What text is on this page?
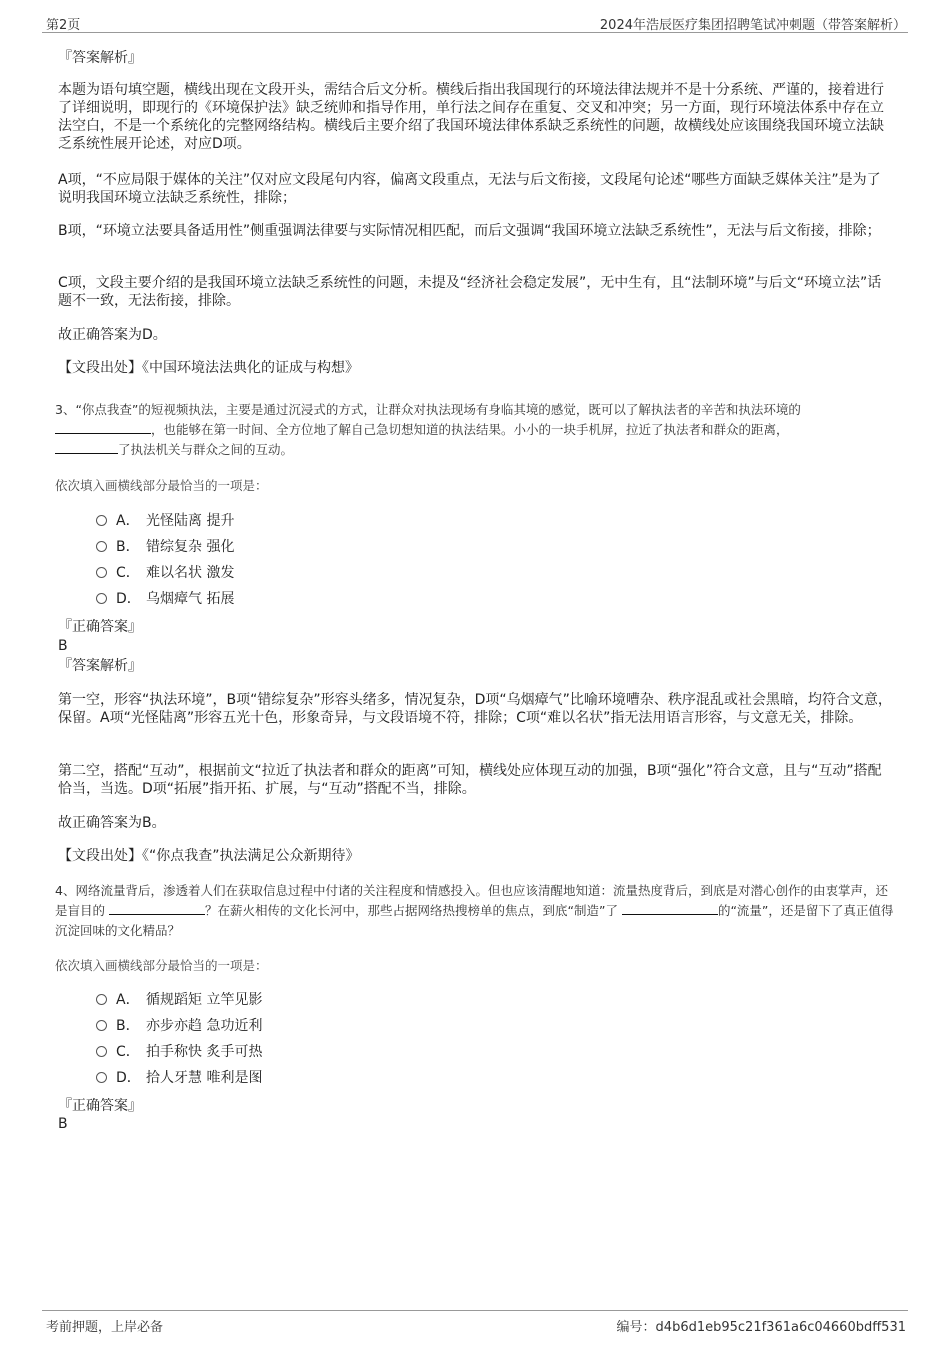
第2页	2024年浩辰医疗集团招聘笔试冲刺题（带答案解析）

『答案解析』

本题为语句填空题，横线出现在文段开头，需结合后文分析。横线后指出我国现行的环境法律法规并不是十分系统、严谨的，接着进行了详细说明，即现行的《环境保护法》缺乏统帅和指导作用，单行法之间存在重复、交叉和冲突；另一方面，现行环境法体系中存在立法空白，不是一个系统化的完整网络结构。横线后主要介绍了我国环境法律体系缺乏系统性的问题，故横线处应该围绕我国环境立法缺乏系统性展开论述，对应D项。

A项，“不应局限于媒体的关注”仅对应文段尾句内容，偏离文段重点，无法与后文衔接，文段尾句论述“哪些方面缺乏媒体关注”是为了说明我国环境立法缺乏系统性，排除；

B项，“环境立法要具备适用性”侧重强调法律要与实际情况相匹配，而后文强调“我国环境立法缺乏系统性”，无法与后文衔接，排除；

C项，文段主要介绍的是我国环境立法缺乏系统性的问题，未提及“经济社会稳定发展”，无中生有，且“法制环境”与后文“环境立法”话题不一致，无法衔接，排除。

故正确答案为D。

【文段出处】《中国环境法法典化的证成与构想》

3、“你点我查”的短视频执法，主要是通过沉浸式的方式，让群众对执法现场有身临其境的感觉，既可以了解执法者的辛苦和执法环境的
，也能够在第一时间、全方位地了解自己急切想知道的执法结果。小小的一块手机屏，拉近了执法者和群众的距离，
了执法机关与群众之间的互动。

依次填入画横线部分最恰当的一项是：

A． 光怪陆离 提升
B． 错综复杂 强化
C． 难以名状 激发
D． 乌烟瘴气 拓展

『正确答案』

B

『答案解析』

第一空，形容“执法环境”，B项“错综复杂”形容头绪多，情况复杂，D项“乌烟瘴气”比喻环境嘈杂、秩序混乱或社会黑暗，均符合文意，保留。A项“光怪陆离”形容五光十色，形象奇异，与文段语境不符，排除；C项“难以名状”指无法用语言形容，与文意无关，排除。

第二空，搭配“互动”，根据前文“拉近了执法者和群众的距离”可知，横线处应体现互动的加强，B项“强化”符合文意，且与“互动”搭配恰当，当选。D项“拓展”指开拓、扩展，与“互动”搭配不当，排除。

故正确答案为B。

【文段出处】《“你点我查”执法满足公众新期待》

4、网络流量背后，渗透着人们在获取信息过程中付诸的关注程度和情感投入。但也应该清醒地知道：流量热度背后，到底是对潜心创作的由衷掌声，还是盲目的	？在薪火相传的文化长河中，那些占据网络热搜榜单的焦点，到底“制造”了	的“流量”，还是留下了真正值得沉淀回味的文化精品？

依次填入画横线部分最恰当的一项是：

A． 循规蹈矩 立竿见影
B． 亦步亦趋 急功近利
C． 拍手称快 炙手可热
D． 拾人牙慧 唯利是图

『正确答案』

B

考前押题，上岸必备	编号：d4b6d1eb95c21f361a6c04660bdff531
